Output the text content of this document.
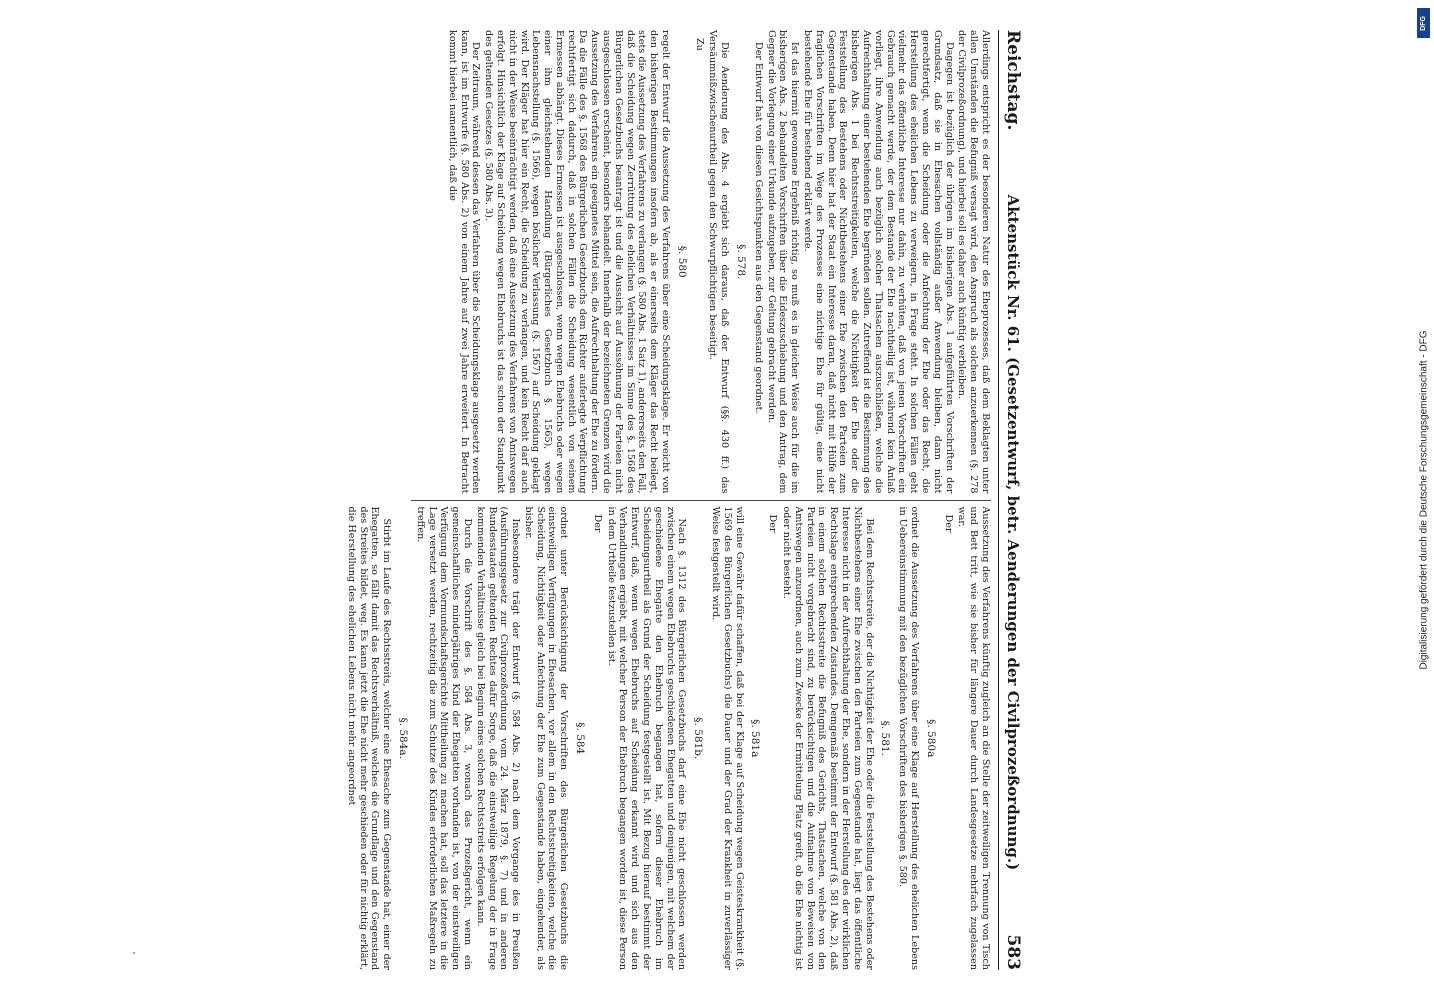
Reichstag.
Aktenstück Nr. 61. (Gesetzentwurf, betr. Aenderungen der Civilprozeßordnung.)
583

Allerdings entspricht es der besonderen Natur des Eheprozesses, daß dem Beklagten unter allen Umständen die Befugniß versagt wird, den Anspruch als solchen anzuerkennen (§. 278 der Civilprozeßordnung), und hierbei soll es daher auch künftig verbleiben.

Dagegen ist bezüglich der übrigen im bisherigen Abs. 1 aufgeführten Vorschriften der Grundsatz, daß sie in Ehesachen vollständig außer Anwendung bleiben, dann nicht gerechtfertigt, wenn die Scheidung oder die Anfechtung der Ehe oder das Recht, die Herstellung des ehelichen Lebens zu verweigern, in Frage steht. In solchen Fällen geht vielmehr das öffentliche Interesse nur dahin, zu verhüten, daß von jenen Vorschriften ein Gebrauch gemacht werde, der dem Bestande der Ehe nachtheilig ist, während kein Anlaß vorliegt, ihre Anwendung auch bezüglich solcher Thatsachen auszuschließen, welche die Aufrechthaltung einer bestehenden Ehe begründen sollen. Zutreffend ist die Bestimmung des bisherigen Abs. 1 bei Rechtsstreitigkeiten, welche die Nichtigkeit der Ehe oder die Feststellung des Bestehens oder Nichtbestehens einer Ehe zwischen den Parteien zum Gegenstande haben. Denn hier hat der Staat ein Interesse daran, daß nicht mit Hülfe der fraglichen Vorschriften im Wege des Prozesses eine nichtige Ehe für gültig, eine nicht bestehende Ehe für bestehend erklärt werde.

Ist das hiermit gewonnene Ergebniß richtig, so muß es in gleicher Weise auch für die im bisherigen Abs. 2 behandelten Vorschriften über die Eideszuschiebung und den Antrag, dem Gegner die Vorlegung einer Urkunde aufzugeben, zur Geltung gebracht werden.

Der Entwurf hat von diesen Gesichtspunkten aus den Gegenstand geordnet.

§. 578.

Die Aenderung des Abs. 4 ergiebt sich daraus, daß der Entwurf (§§. 430 ff.) das Versäumnißzwischenurtheil gegen den Schwurpflichtigen beseitigt.

Zu

§. 580

regelt der Entwurf die Aussetzung des Verfahrens über eine Scheidungsklage. Er weicht von den bisherigen Bestimmungen insofern ab, als er einerseits dem Kläger das Recht beilegt, stets die Aussetzung des Verfahrens zu verlangen (§. 580 Abs. 1 Satz 1), andererseits den Fall, daß die Scheidung wegen Zerrüttung des ehelichen Verhältnisses im Sinne des §. 1568 des Bürgerlichen Gesetzbuchs beantragt ist und die Aussicht auf Aussöhnung der Parteien nicht ausgeschlossen erscheint, besonders behandelt. Innerhalb der bezeichneten Grenzen wird die Aussetzung des Verfahrens ein geeignetes Mittel sein, die Aufrechthaltung der Ehe zu fördern. Da die Fälle des §. 1568 des Bürgerlichen Gesetzbuchs dem Richter auferlegte Verpflichtung rechtfertigt sich dadurch, daß in solchen Fällen die Scheidung wesentlich von seinem Ermessen abhängt. Dieses Ermessen ist ausgeschlossen, wenn wegen Ehebruchs oder wegen einer ihm gleichstehenden Handlung (Bürgerliches Gesetzbuch §. 1565), wegen Lebensnachstellung (§. 1566), wegen böslicher Verlassung (§. 1567) auf Scheidung geklagt wird. Der Kläger hat hier ein Recht, die Scheidung zu verlangen, und kein Recht darf auch nicht in der Weise beeinträchtigt werden, daß eine Aussetzung des Verfahrens von Amtswegen erfolgt. Hinsichtlich der Klage auf Scheidung wegen Ehebruchs ist das schon der Standpunkt des geltenden Gesetzes (§. 580 Abs. 3).

Der Zeitraum, während dessen das Verfahren über die Scheidungsklage ausgesetzt werden kann, ist im Entwurfe (§. 580 Abs. 2) von einem Jahre auf zwei Jahre erweitert. In Betracht kommt hierbei namentlich, daß die

Aussetzung des Verfahrens künftig zugleich an die Stelle der zeitweiligen Trennung von Tisch und Bett tritt, wie sie bisher für längere Dauer durch Landesgesetze mehrfach zugelassen war.

Der

§. 580a

ordnet die Aussetzung des Verfahrens über eine Klage auf Herstellung des ehelichen Lebens in Uebereinstimmung mit den bezüglichen Vorschriften des bisherigen §. 580.

§. 581.

Bei dem Rechtsstreite, der die Nichtigkeit der Ehe oder die Feststellung des Bestehens oder Nichtbestehens einer Ehe zwischen den Parteien zum Gegenstande hat, liegt das öffentliche Interesse nicht in der Aufrechthaltung der Ehe, sondern in der Herstellung des der wirklichen Rechtslage entsprechenden Zustandes. Demgemäß bestimmt der Entwurf (§. 581 Abs. 2), daß in einem solchen Rechtsstreite die Befugniß des Gerichts, Thatsachen, welche von den Parteien nicht vorgebracht sind, zu berücksichtigen und die Aufnahme von Beweisen von Amtswegen anzuordnen, auch zum Zwecke der Ermittelung Platz greift, ob die Ehe nichtig ist oder nicht besteht.

Der

§. 581a

will eine Gewähr dafür schaffen, daß bei der Klage auf Scheidung wegen Geisteskrankheit (§. 1569 des Bürgerlichen Gesetzbuchs) die Dauer und der Grad der Krankheit in zuverlässiger Weise festgestellt wird.

§. 581b.

Nach §. 1312 des Bürgerlichen Gesetzbuchs darf eine Ehe nicht geschlossen werden zwischen einem wegen Ehebruchs geschiedenen Ehegatten und demjenigen, mit welchem der geschiedene Ehegatte den Ehebruch begangen hat, sofern dieser Ehebruch im Scheidungsurtheil als Grund der Scheidung festgestellt ist. Mit Bezug hierauf bestimmt der Entwurf, daß, wenn wegen Ehebruchs auf Scheidung erkannt wird und sich aus den Verhandlungen ergiebt, mit welcher Person der Ehebruch begangen worden ist, diese Person in dem Urtheile festzustellen ist.

Der

§. 584

ordnet unter Berücksichtigung der Vorschriften des Bürgerlichen Gesetzbuchs die einstweiligen Verfügungen in Ehesachen, vor allem in den Rechtsstreitigkeiten, welche die Scheidung, Nichtigkeit oder Anfechtung der Ehe zum Gegenstande haben, eingehender, als bisher.

Insbesondere trägt der Entwurf (§. 584 Abs. 2) nach dem Vorgange des in Preußen (Ausführungsgesetz zur Civilprozeßordnung vom 24. März 1879, §. 7) und in anderen Bundesstaaten geltenden Rechtes dafür Sorge, daß die einstweilige Regelung der in Frage kommenden Verhältnisse gleich bei Beginn eines solchen Rechtsstreits erfolgen kann.

Durch die Vorschrift des §. 584 Abs. 3, wonach das Prozeßgericht, wenn ein gemeinschaftliches minderjähriges Kind der Ehegatten vorhanden ist, von der einstweiligen Verfügung dem Vormundschaftsgerichte Mittheilung zu machen hat, soll das letztere in die Lage versetzt werden, rechtzeitig die zum Schutze des Kindes erforderlichen Maßregeln zu treffen.

§. 584a.

Stirbt im Laufe des Rechtsstreits, welcher eine Ehesache zum Gegenstande hat, einer der Ehegatten, so fällt damit das Rechtsverhältniß, welches die Grundlage und den Gegenstand des Streites bildet, weg. Es kann jetzt die Ehe nicht mehr geschieden oder für nichtig erklärt, die Herstellung des ehelichen Lebens nicht mehr angeordnet

DFG
Digitalisierung gefördert durch die Deutsche Forschungsgemeinschaft - DFG
